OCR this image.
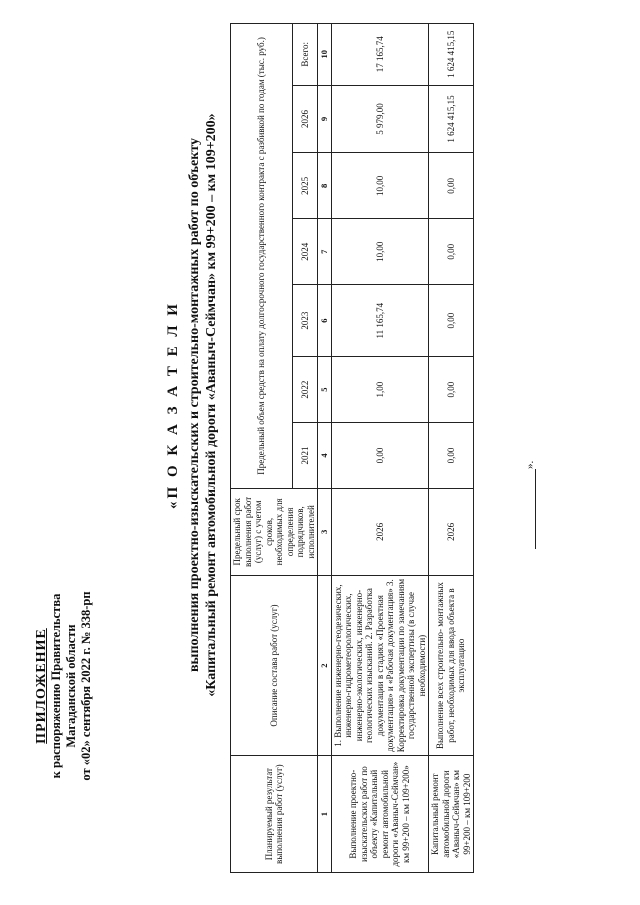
ПРИЛОЖЕНИЕ к распоряжению Правительства Магаданской области от «02» сентября 2022 г. № 338-рп
«П О К А З А Т Е Л И выполнения проектно-изыскательских и строительно-монтажных работ по объекту «Капитальный ремонт автомобильной дороги «Аваныч-Сеймчан» км 99+200 – км 109+200»
Планируемый результат выполнения работ (услуг)	Описание состава работ (услуг)	Предельный срок выполнения работ (услуг) с учетом сроков, необходимых для определения подрядчиков, исполнителей	Предельный объем средств на оплату долгосрочного государственного контракта с разбивкой по годам (тыс. руб.)						
			2021	2022	2023	2024	2025	2026	Всего:
1	2	3	4	5	6	7	8	9	10
Выполнение проектно-изыскательских работ по объекту «Капитальный ремонт автомобильной дороги «Аваныч-Сеймчан» км 99+200 – км 109+200»	1. Выполнение инженерно-геодезических, инженерно-гидрометеорологических, инженерно-экологических, инженерно-геологических изысканий. 2. Разработка документации в стадиях «Проектная документация» и «Рабочая документация» 3. Корректировка документации по замечаниям государственной экспертизы (в случае необходимости)	2026	0,00	1,00	11 165,74	10,00	10,00	5 979,00	17 165,74
Капитальный ремонт автомобильной дороги «Аваныч-Сеймчан» км 99+200 – км 109+200	Выполнение всех строительно- монтажных работ, необходимых для ввода объекта в эксплуатацию	2026	0,00	0,00	0,00	0,00	0,00	1 624 415,15	1 624 415,15
».
